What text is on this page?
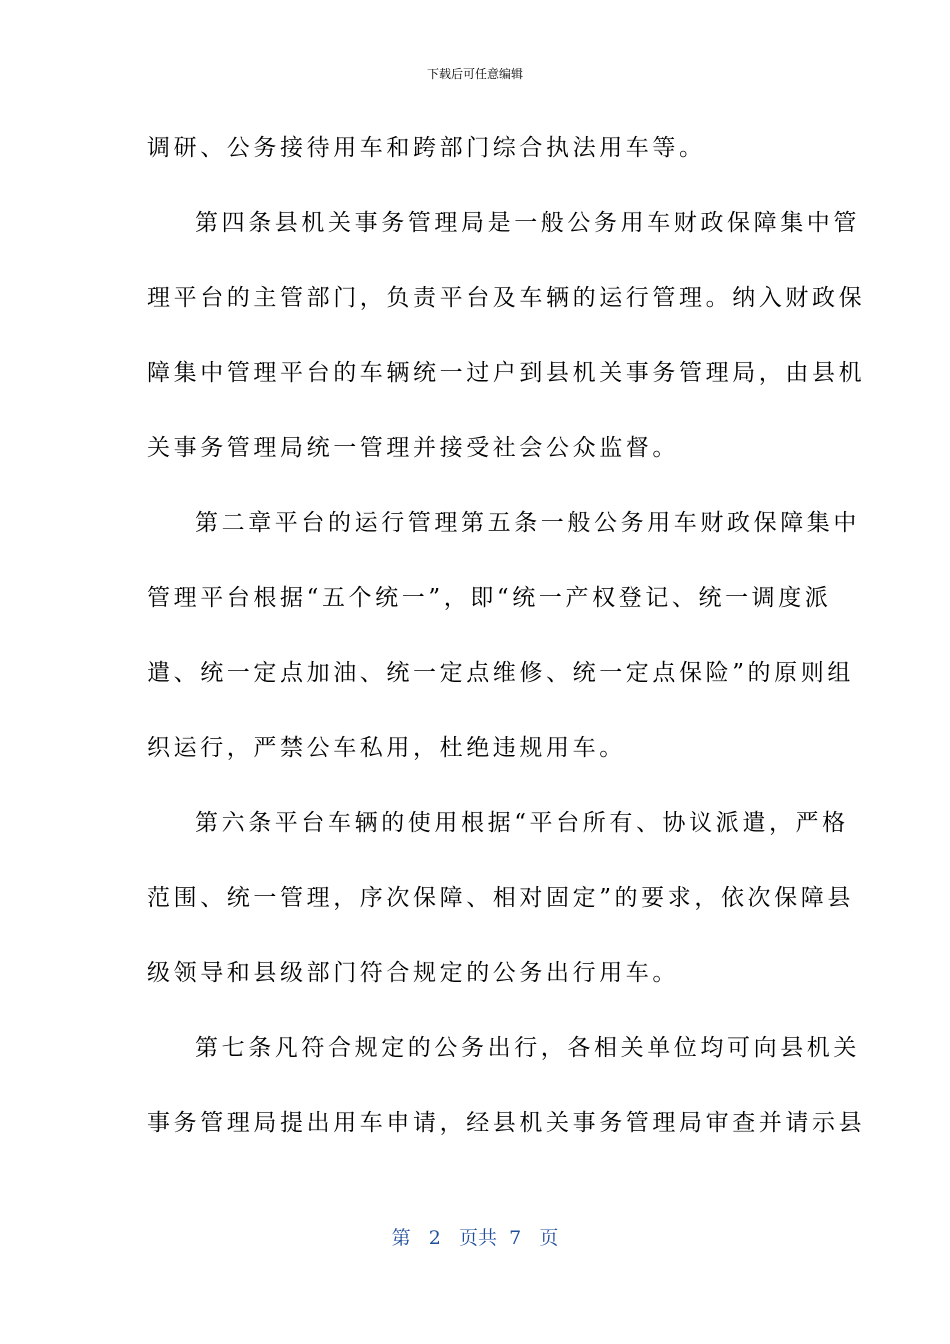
下载后可任意编辑
调研、公务接待用车和跨部门综合执法用车等。
第四条县机关事务管理局是一般公务用车财政保障集中管
理平台的主管部门，负责平台及车辆的运行管理。纳入财政保
障集中管理平台的车辆统一过户到县机关事务管理局，由县机
关事务管理局统一管理并接受社会公众监督。
第二章平台的运行管理第五条一般公务用车财政保障集中
管理平台根据“五个统一”，即“统一产权登记、统一调度派
遣、统一定点加油、统一定点维修、统一定点保险”的原则组
织运行，严禁公车私用，杜绝违规用车。
第六条平台车辆的使用根据“平台所有、协议派遣，严格
范围、统一管理，序次保障、相对固定”的要求，依次保障县
级领导和县级部门符合规定的公务出行用车。
第七条凡符合规定的公务出行，各相关单位均可向县机关
事务管理局提出用车申请，经县机关事务管理局审查并请示县
第 2 页共 7 页
